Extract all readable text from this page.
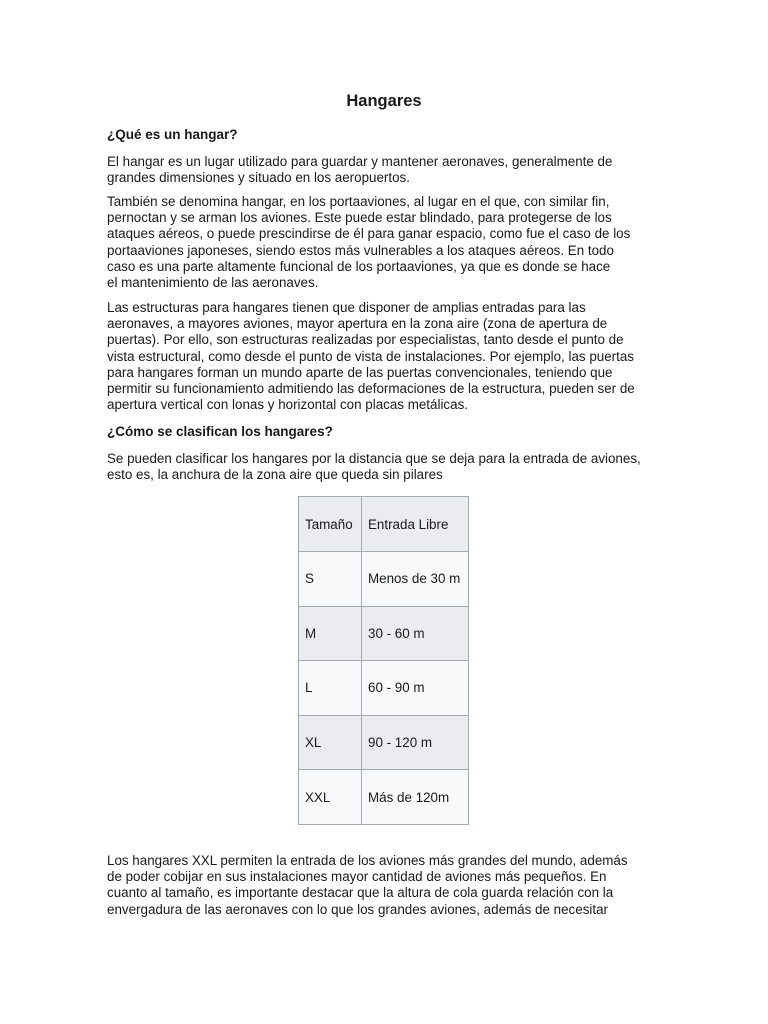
Hangares
¿Qué es un hangar?

El hangar es un lugar utilizado para guardar y mantener aeronaves, generalmente de
grandes dimensiones y situado en los aeropuertos.

También se denomina hangar, en los portaaviones, al lugar en el que, con similar fin,
pernoctan y se arman los aviones. Este puede estar blindado, para protegerse de los
ataques aéreos, o puede prescindirse de él para ganar espacio, como fue el caso de los
portaaviones japoneses, siendo estos más vulnerables a los ataques aéreos. En todo
caso es una parte altamente funcional de los portaaviones, ya que es donde se hace
el mantenimiento de las aeronaves.

Las estructuras para hangares tienen que disponer de amplias entradas para las
aeronaves, a mayores aviones, mayor apertura en la zona aire (zona de apertura de
puertas). Por ello, son estructuras realizadas por especialistas, tanto desde el punto de
vista estructural, como desde el punto de vista de instalaciones. Por ejemplo, las puertas
para hangares forman un mundo aparte de las puertas convencionales, teniendo que
permitir su funcionamiento admitiendo las deformaciones de la estructura, pueden ser de
apertura vertical con lonas y horizontal con placas metálicas.

¿Cómo se clasifican los hangares?

Se pueden clasificar los hangares por la distancia que se deja para la entrada de aviones,
esto es, la anchura de la zona aire que queda sin pilares

Tamaño	Entrada Libre
S	Menos de 30 m
M	30 - 60 m
L	60 - 90 m
XL	90 - 120 m
XXL	Más de 120m

Los hangares XXL permiten la entrada de los aviones más grandes del mundo, además
de poder cobijar en sus instalaciones mayor cantidad de aviones más pequeños. En
cuanto al tamaño, es importante destacar que la altura de cola guarda relación con la
envergadura de las aeronaves con lo que los grandes aviones, además de necesitar
